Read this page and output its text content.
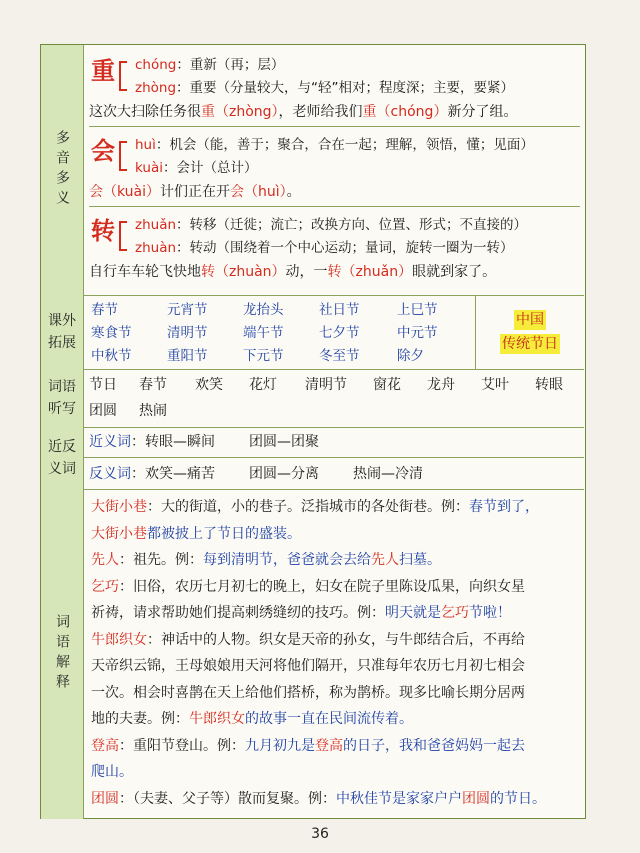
多音多义
重 chóng：重新（再；层）
zhòng：重要（分量较大，与“轻”相对；程度深；主要，要紧）
这次大扫除任务很重（zhòng），老师给我们重（chóng）新分了组。
会 huì：机会（能，善于；聚合，合在一起；理解，领悟，懂；见面）
kuài：会计（总计）
会（kuài）计们正在开会（huì）。
转 zhuǎn：转移（迁徙；流亡；改换方向、位置、形式；不直接的）
zhuàn：转动（围绕着一个中心运动；量词，旋转一圈为一转）
自行车车轮飞快地转（zhuàn）动，一转（zhuǎn）眼就到家了。
课外
拓展
中国
传统节日
春节	元宵节	龙抬头	社日节	上巳节
寒食节	清明节	端午节	七夕节	中元节
中秋节	重阳节	下元节	冬至节	除夕
词语
听写
节日 春节 欢笑 花灯 清明节 窗花 龙舟 艾叶 转眼
团圆 热闹
近反
义词
近义词：转眼—瞬间 团圆—团聚
反义词：欢笑—痛苦 团圆—分离 热闹—冷清
词语解释
大街小巷：大的街道，小的巷子。泛指城市的各处街巷。例：春节到了，
大街小巷都被披上了节日的盛装。
先人：祖先。例：每到清明节，爸爸就会去给先人扫墓。
乞巧：旧俗，农历七月初七的晚上，妇女在院子里陈设瓜果，向织女星
祈祷，请求帮助她们提高刺绣缝纫的技巧。例：明天就是乞巧节啦！
牛郎织女：神话中的人物。织女是天帝的孙女，与牛郎结合后，不再给
天帝织云锦，王母娘娘用天河将他们隔开，只准每年农历七月初七相会
一次。相会时喜鹊在天上给他们搭桥，称为鹊桥。现多比喻长期分居两
地的夫妻。例：牛郎织女的故事一直在民间流传着。
登高：重阳节登山。例：九月初九是登高的日子，我和爸爸妈妈一起去
爬山。
团圆：（夫妻、父子等）散而复聚。例：中秋佳节是家家户户团圆的节日。
36
